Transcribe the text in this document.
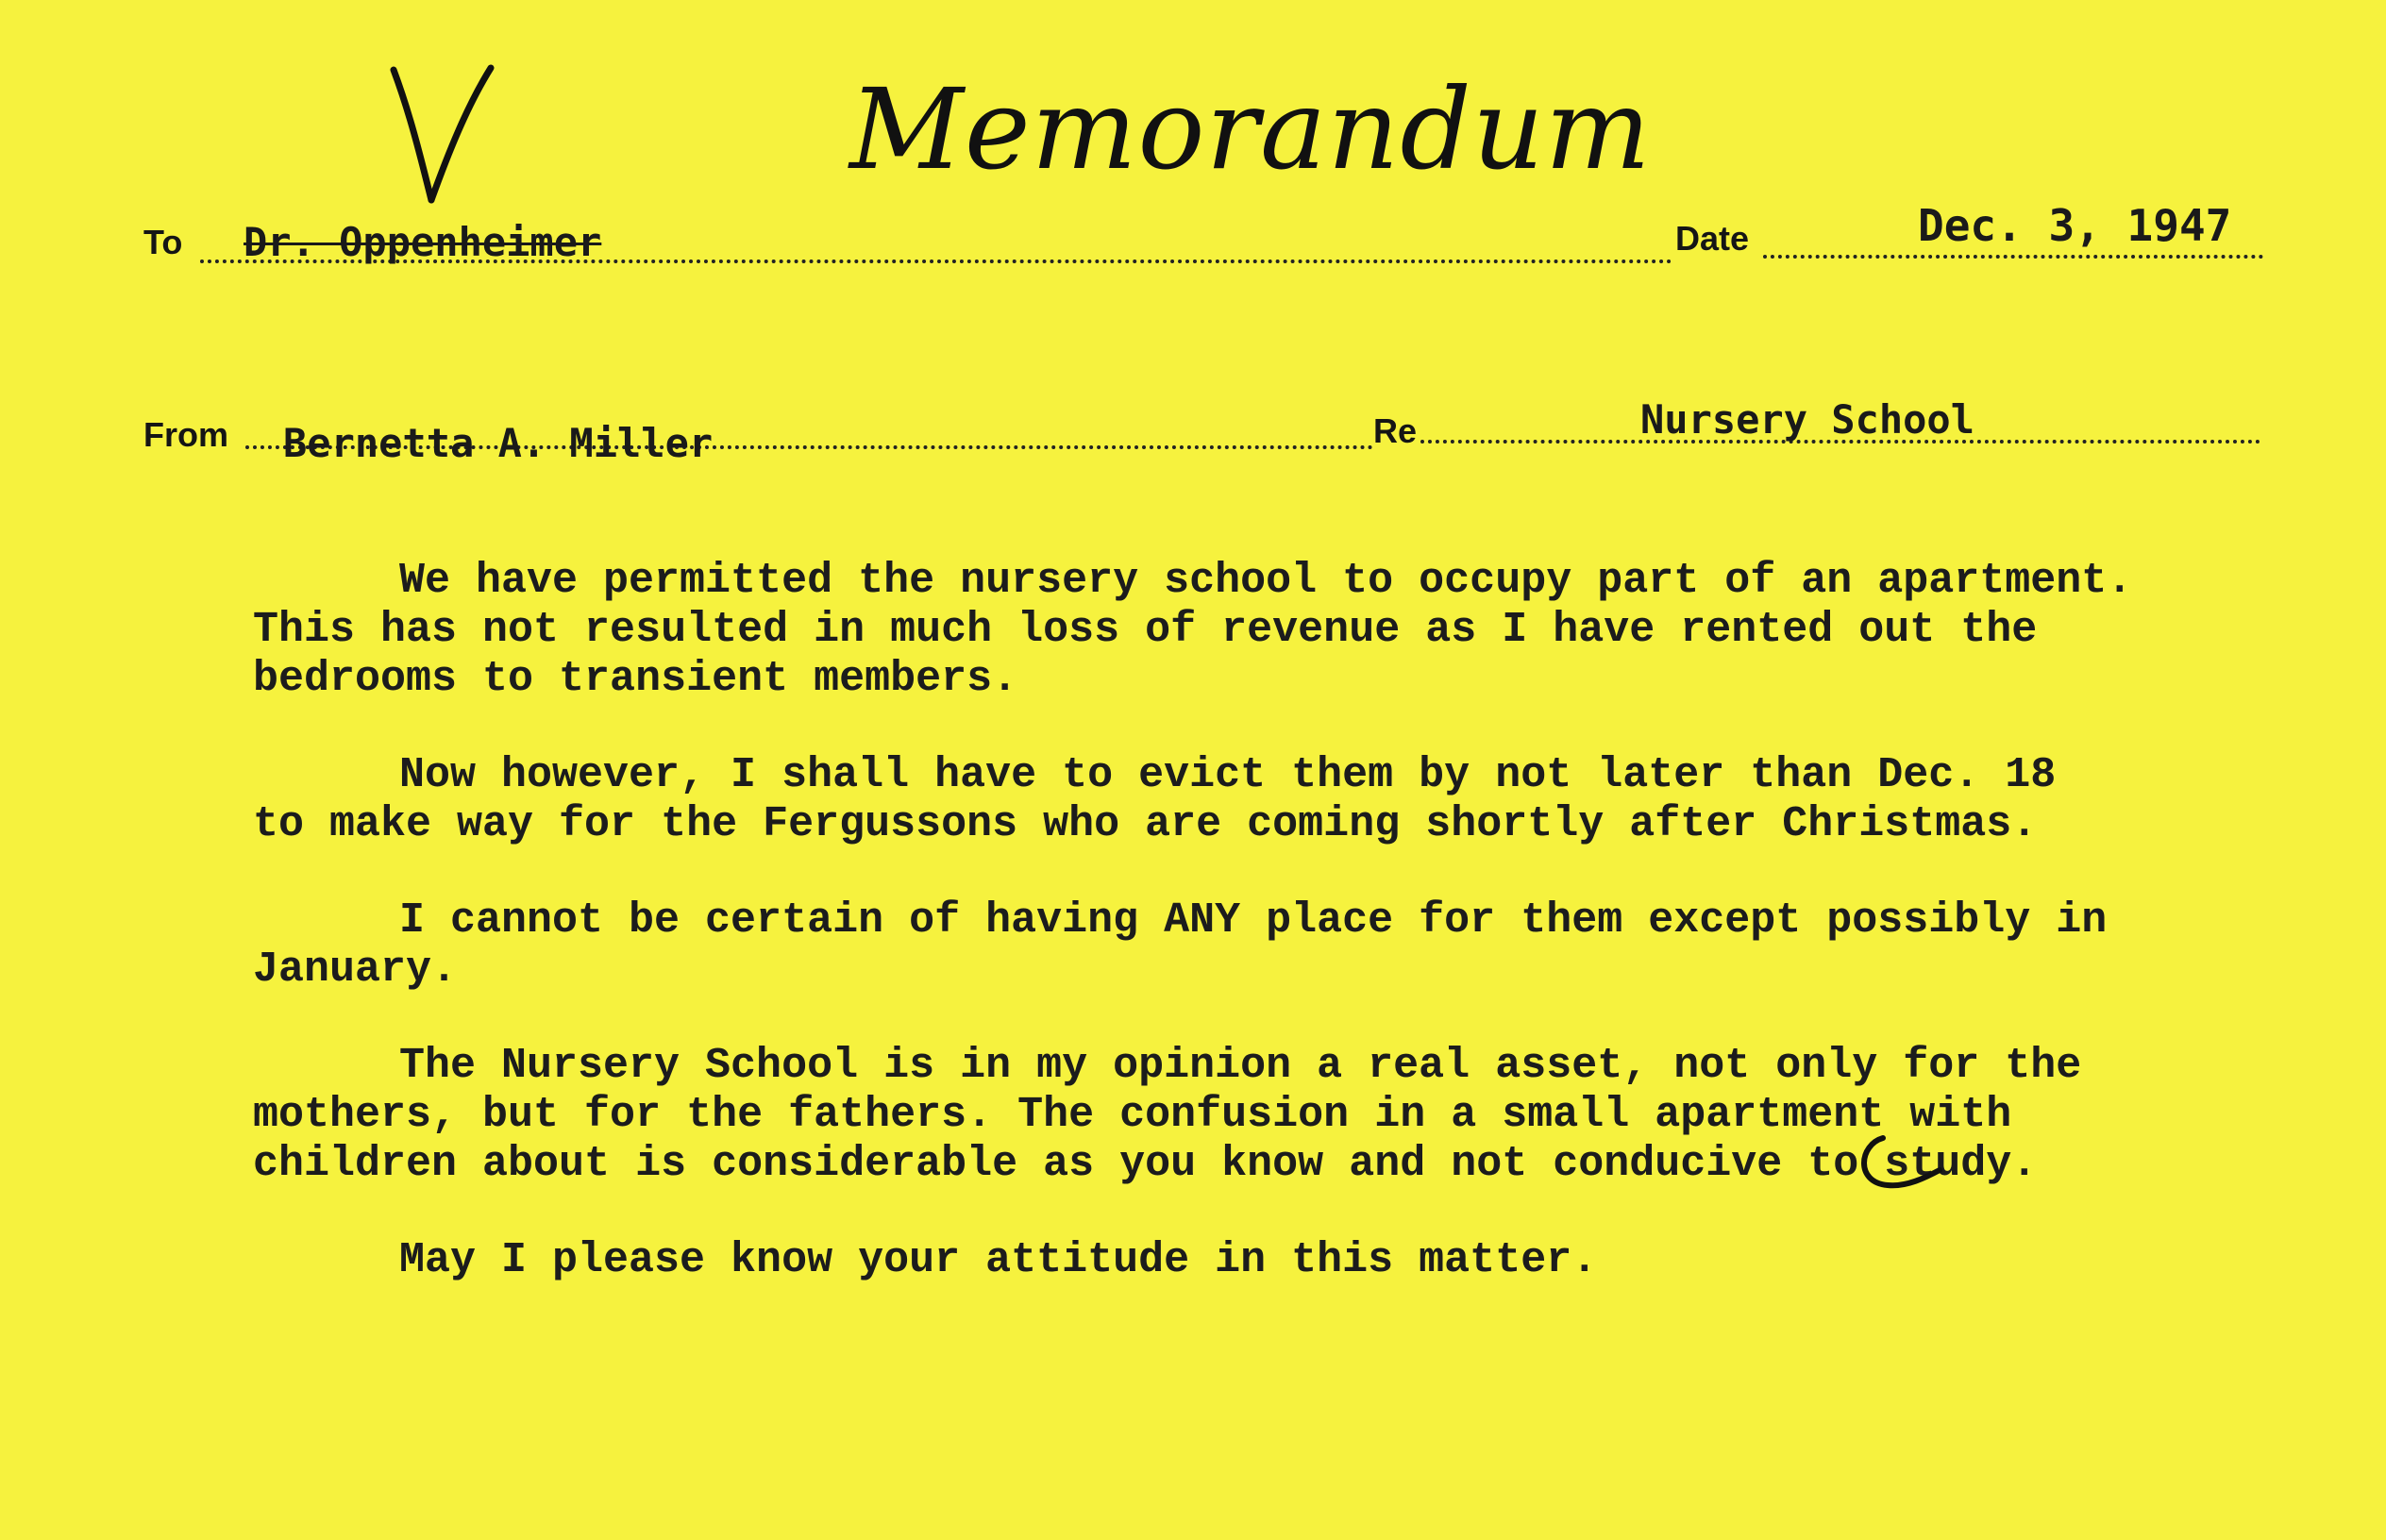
Memorandum
To Dr. Oppenheimer	Date	Dec. 3, 1947
From Bernetta A. Miller	Re	Nursery School

We have permitted the nursery school to occupy part of an apartment.
This has not resulted in much loss of revenue as I have rented out the
bedrooms to transient members.

Now however, I shall have to evict them by not later than Dec. 18
to make way for the Fergussons who are coming shortly after Christmas.

I cannot be certain of having ANY place for them except possibly in
January.

The Nursery School is in my opinion a real asset, not only for the
mothers, but for the fathers. The confusion in a small apartment with
children about is considerable as you know and not conducive to study.

May I please know your attitude in this matter.
